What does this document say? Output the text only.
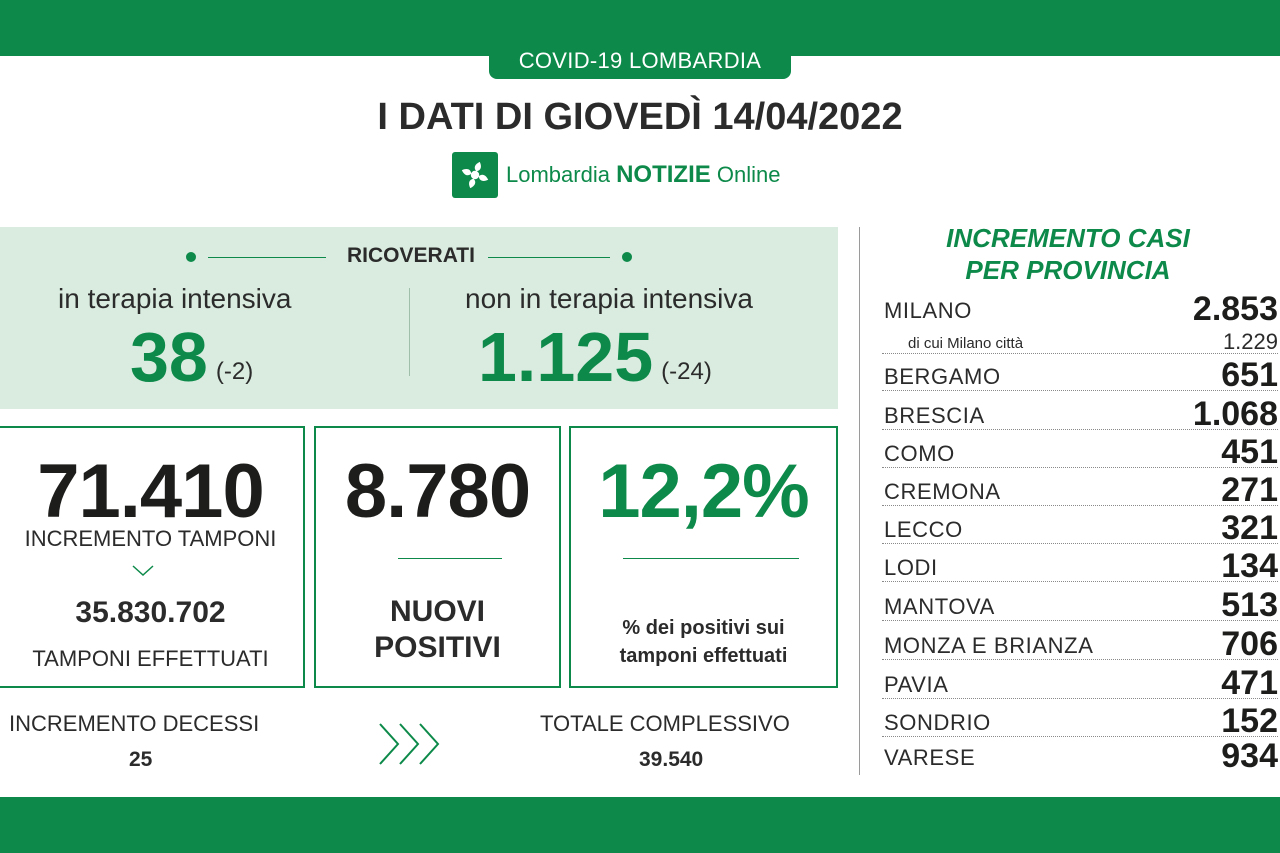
COVID-19 LOMBARDIA
I DATI DI GIOVEDÌ 14/04/2022
Lombardia NOTIZIE Online
RICOVERATI
in terapia intensiva
38 (-2)
non in terapia intensiva
1.125 (-24)
71.410
INCREMENTO TAMPONI
35.830.702
TAMPONI EFFETTUATI
8.780
NUOVI
POSITIVI
12,2%
% dei positivi sui
tamponi effettuati
INCREMENTO DECESSI
25
TOTALE COMPLESSIVO
39.540
INCREMENTO CASI
PER PROVINCIA
MILANO	2.853
di cui Milano città	1.229
BERGAMO	651
BRESCIA	1.068
COMO	451
CREMONA	271
LECCO	321
LODI	134
MANTOVA	513
MONZA E BRIANZA	706
PAVIA	471
SONDRIO	152
VARESE	934
